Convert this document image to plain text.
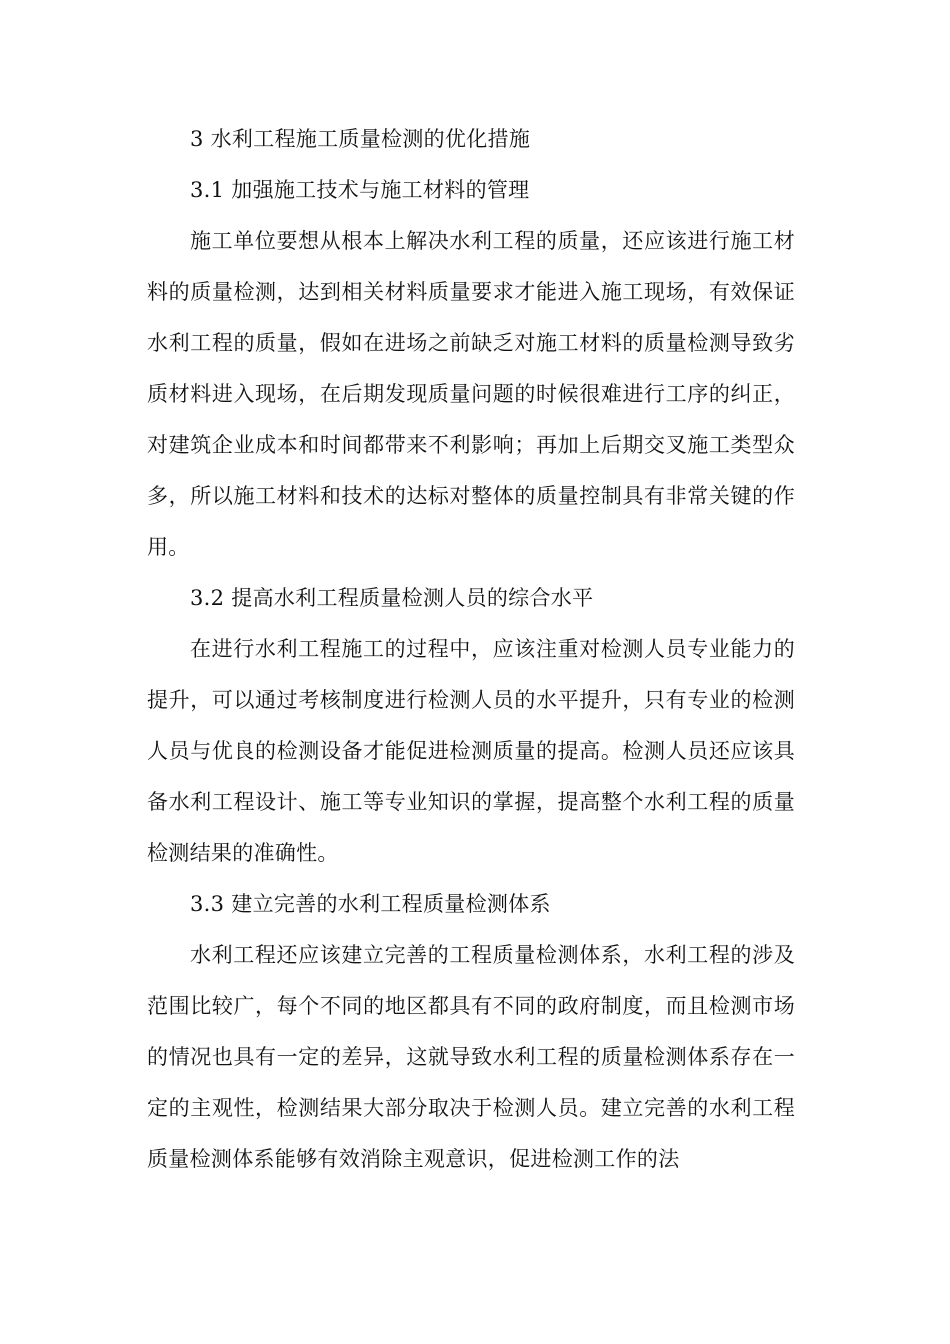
3 水利工程施工质量检测的优化措施

3.1 加强施工技术与施工材料的管理

施工单位要想从根本上解决水利工程的质量，还应该进行施工材料的质量检测，达到相关材料质量要求才能进入施工现场，有效保证水利工程的质量，假如在进场之前缺乏对施工材料的质量检测导致劣质材料进入现场，在后期发现质量问题的时候很难进行工序的纠正，对建筑企业成本和时间都带来不利影响；再加上后期交叉施工类型众多，所以施工材料和技术的达标对整体的质量控制具有非常关键的作用。

3.2 提高水利工程质量检测人员的综合水平

在进行水利工程施工的过程中，应该注重对检测人员专业能力的提升，可以通过考核制度进行检测人员的水平提升，只有专业的检测人员与优良的检测设备才能促进检测质量的提高。检测人员还应该具备水利工程设计、施工等专业知识的掌握，提高整个水利工程的质量检测结果的准确性。

3.3 建立完善的水利工程质量检测体系

水利工程还应该建立完善的工程质量检测体系，水利工程的涉及范围比较广，每个不同的地区都具有不同的政府制度，而且检测市场的情况也具有一定的差异，这就导致水利工程的质量检测体系存在一定的主观性，检测结果大部分取决于检测人员。建立完善的水利工程质量检测体系能够有效消除主观意识，促进检测工作的法
